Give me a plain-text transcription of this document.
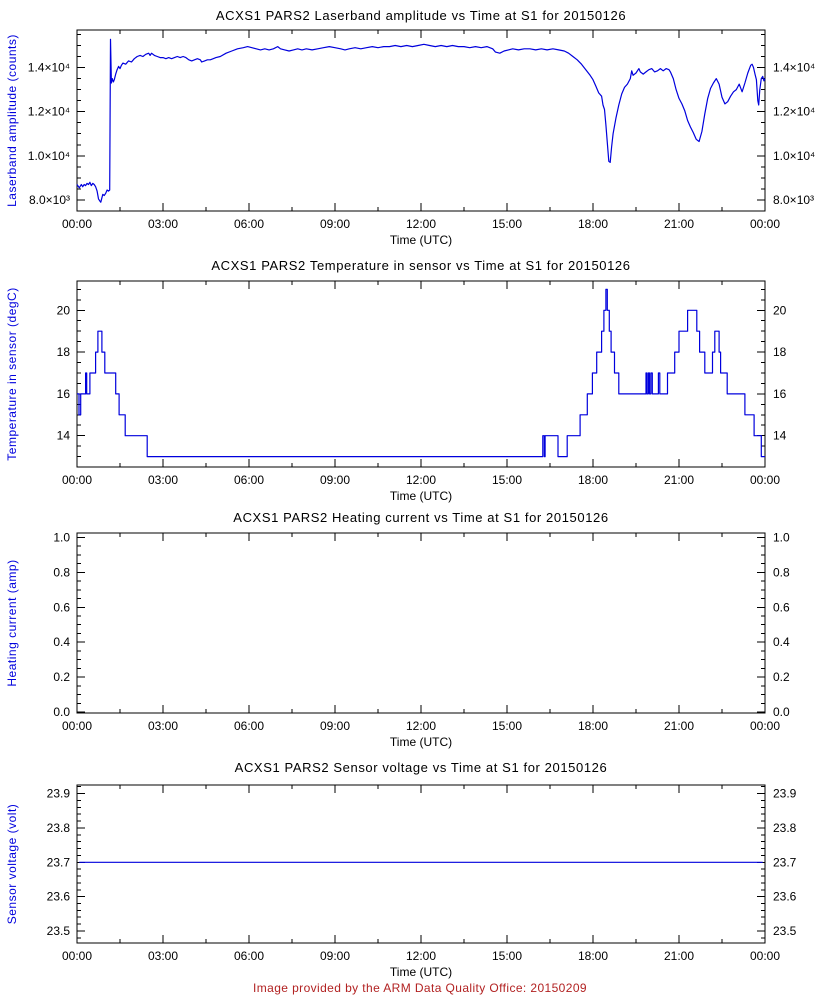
00:00	03:00	06:00	09:00	12:00	15:00	18:00	21:00	00:00
8.0×10³	8.0×10³
1.0×10⁴	1.0×10⁴
1.2×10⁴	1.2×10⁴
1.4×10⁴	1.4×10⁴
ACXS1 PARS2 Laserband amplitude vs Time at S1 for 20150126
Laserband amplitude (counts)
Time (UTC)
00:00	03:00	06:00	09:00	12:00	15:00	18:00	21:00	00:00
14	14
16	16
18	18
20	20
ACXS1 PARS2 Temperature in sensor vs Time at S1 for 20150126
Temperature in sensor (degC)
Time (UTC)
00:00	03:00	06:00	09:00	12:00	15:00	18:00	21:00	00:00
0.0	0.0
0.2	0.2
0.4	0.4
0.6	0.6
0.8	0.8
1.0	1.0
ACXS1 PARS2 Heating current vs Time at S1 for 20150126
Heating current (amp)
Time (UTC)
00:00	03:00	06:00	09:00	12:00	15:00	18:00	21:00	00:00
23.5	23.5
23.6	23.6
23.7	23.7
23.8	23.8
23.9	23.9
ACXS1 PARS2 Sensor voltage vs Time at S1 for 20150126
Sensor voltage (volt)
Time (UTC)
Image provided by the ARM Data Quality Office: 20150209
